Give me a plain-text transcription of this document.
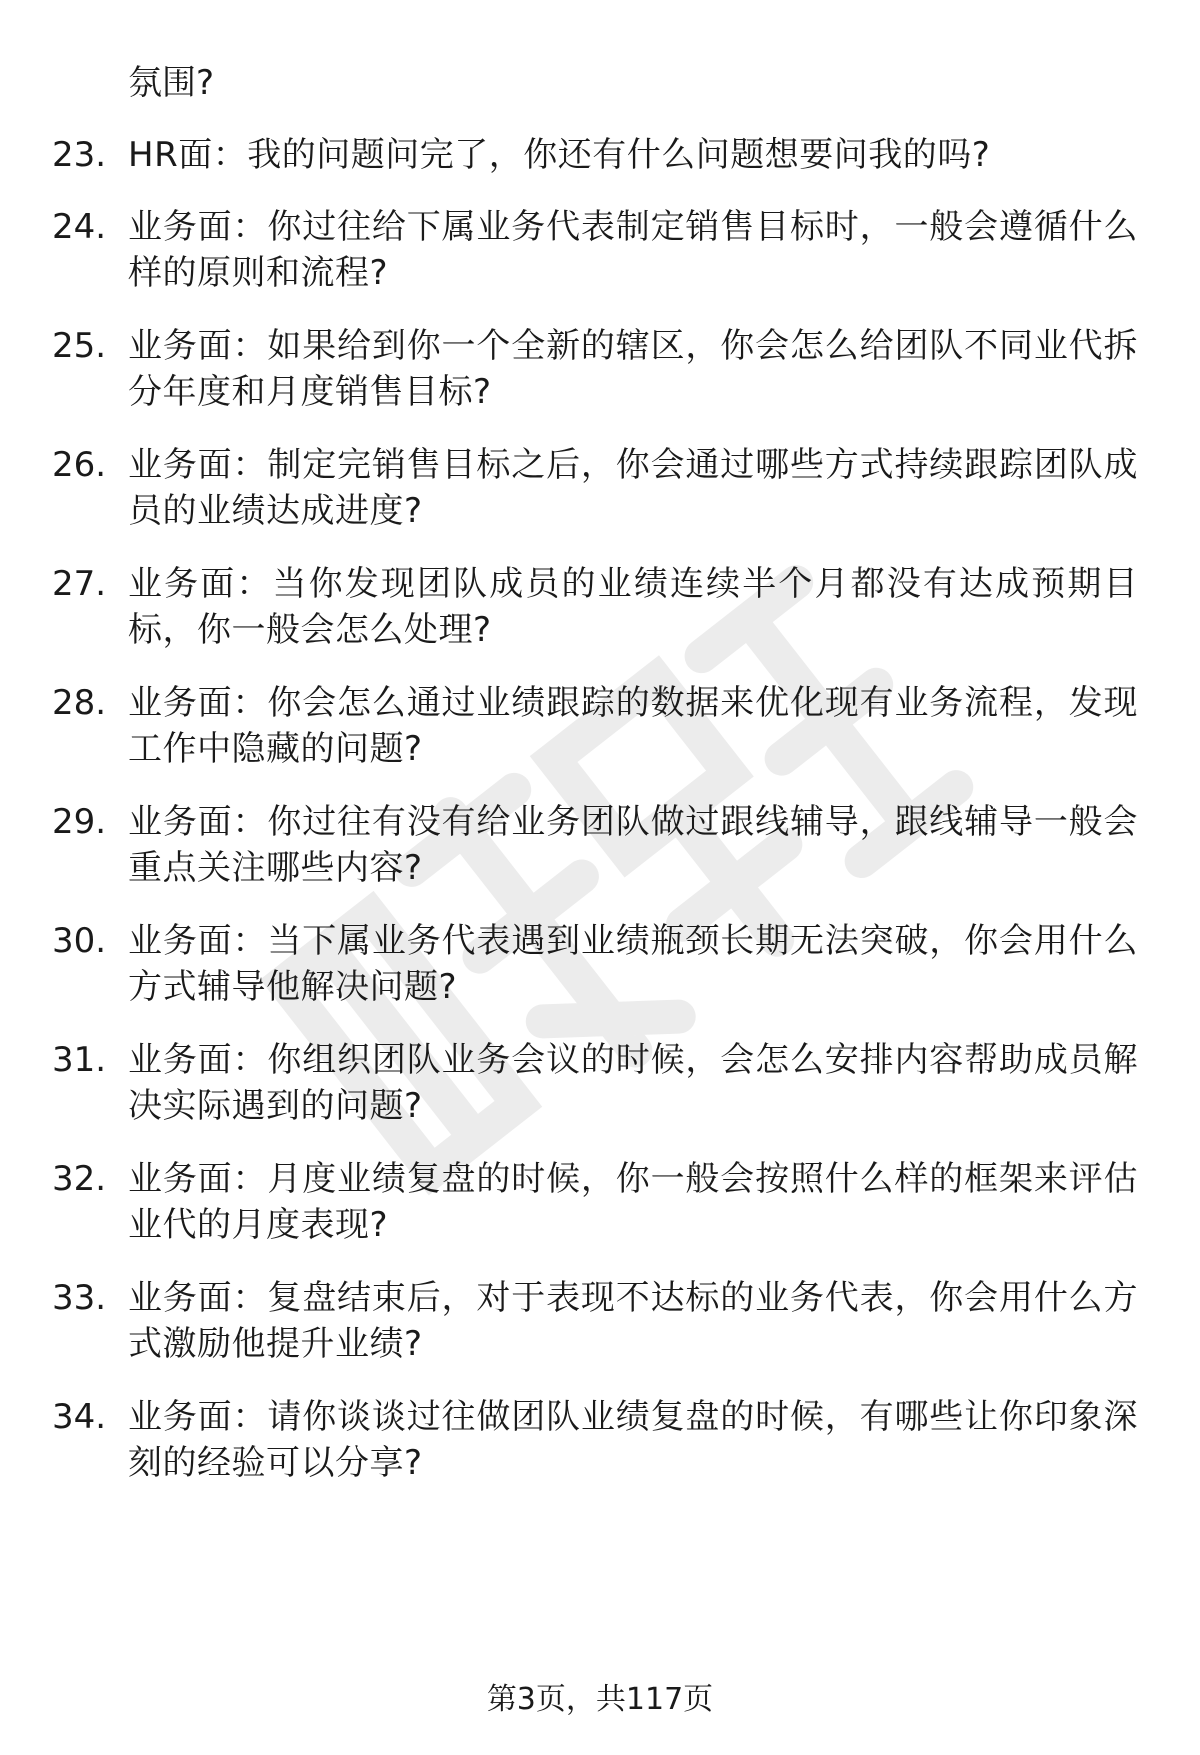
氛围?

23. HR面：我的问题问完了，你还有什么问题想要问我的吗?
24. 业务面：你过往给下属业务代表制定销售目标时，一般会遵循什么样的原则和流程?
25. 业务面：如果给到你一个全新的辖区，你会怎么给团队不同业代拆分年度和月度销售目标?
26. 业务面：制定完销售目标之后，你会通过哪些方式持续跟踪团队成员的业绩达成进度?
27. 业务面：当你发现团队成员的业绩连续半个月都没有达成预期目标，你一般会怎么处理?
28. 业务面：你会怎么通过业绩跟踪的数据来优化现有业务流程，发现工作中隐藏的问题?
29. 业务面：你过往有没有给业务团队做过跟线辅导，跟线辅导一般会重点关注哪些内容?
30. 业务面：当下属业务代表遇到业绩瓶颈长期无法突破，你会用什么方式辅导他解决问题?
31. 业务面：你组织团队业务会议的时候，会怎么安排内容帮助成员解决实际遇到的问题?
32. 业务面：月度业绩复盘的时候，你一般会按照什么样的框架来评估业代的月度表现?
33. 业务面：复盘结束后，对于表现不达标的业务代表，你会用什么方式激励他提升业绩?
34. 业务面：请你谈谈过往做团队业绩复盘的时候，有哪些让你印象深刻的经验可以分享?
第3页，共117页
